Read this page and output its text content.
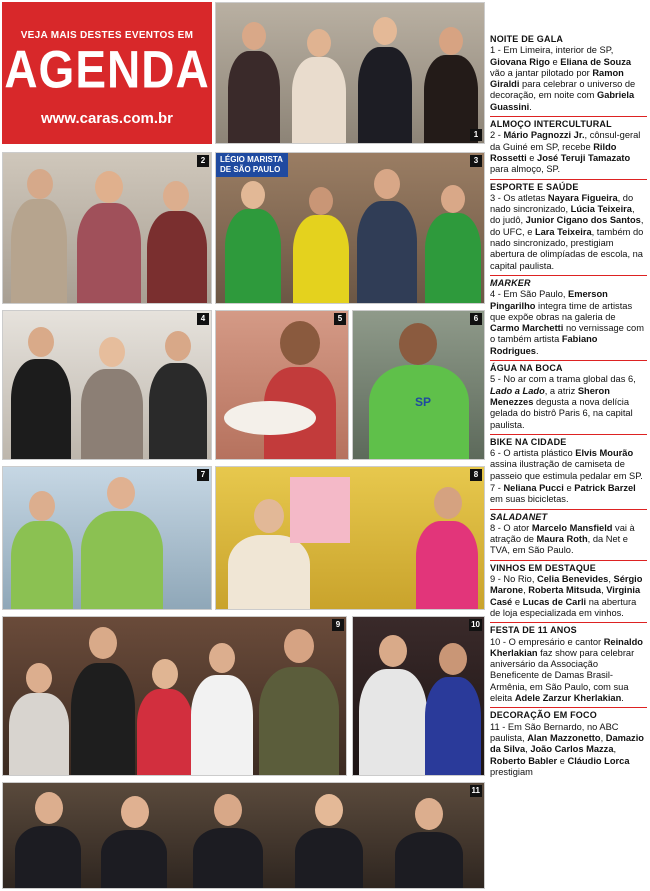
VEJA MAIS DESTES EVENTOS EM
AGENDA
www.caras.com.br
1
2	LÉGIO MARISTA DE SÃO PAULO
3
4	5
SP
6
7	8
9	10
11
NOITE DE GALA

1 - Em Limeira, interior de SP, Giovana Rigo e Eliana de Souza vão a jantar pilotado por Ramon Giraldi para celebrar o universo de decoração, em noite com Gabriela Guassini.

ALMOÇO INTERCULTURAL

2 - Mário Pagnozzi Jr., cônsul-geral da Guiné em SP, recebe Rildo Rossetti e José Teruji Tamazato para almoço, SP.

ESPORTE E SAÚDE

3 - Os atletas Nayara Figueira, do nado sincronizado, Lúcia Teixeira, do judô, Junior Cigano dos Santos, do UFC, e Lara Teixeira, também do nado sincronizado, prestigiam abertura de olimpíadas de escola, na capital paulista.

MARKER

4 - Em São Paulo, Emerson Pingarilho integra time de artistas que expõe obras na galeria de Carmo Marchetti no vernissage com o também artista Fabiano Rodrigues.

ÁGUA NA BOCA

5 - No ar com a trama global das 6, Lado a Lado, a atriz Sheron Menezzes degusta a nova delícia gelada do bistrô Paris 6, na capital paulista.

BIKE NA CIDADE

6 - O artista plástico Elvis Mourão assina ilustração de camiseta de passeio que estimula pedalar em SP.

7 - Neliana Pucci e Patrick Barzel em suas bicicletas.

SALADANET

8 - O ator Marcelo Mansfield vai à atração de Maura Roth, da Net e TVA, em São Paulo.

VINHOS EM DESTAQUE

9 - No Rio, Celia Benevides, Sérgio Marone, Roberta Mitsuda, Virginia Casé e Lucas de Carli na abertura de loja especializada em vinhos.

FESTA DE 11 ANOS

10 - O empresário e cantor Reinaldo Kherlakian faz show para celebrar aniversário da Associação Beneficente de Damas Brasil-Armênia, em São Paulo, com sua eleita Adele Zarzur Kherlakian.

DECORAÇÃO EM FOCO

11 - Em São Bernardo, no ABC paulista, Alan Mazzonetto, Damazio da Silva, João Carlos Mazza, Roberto Babler e Cláudio Lorca prestigiam
